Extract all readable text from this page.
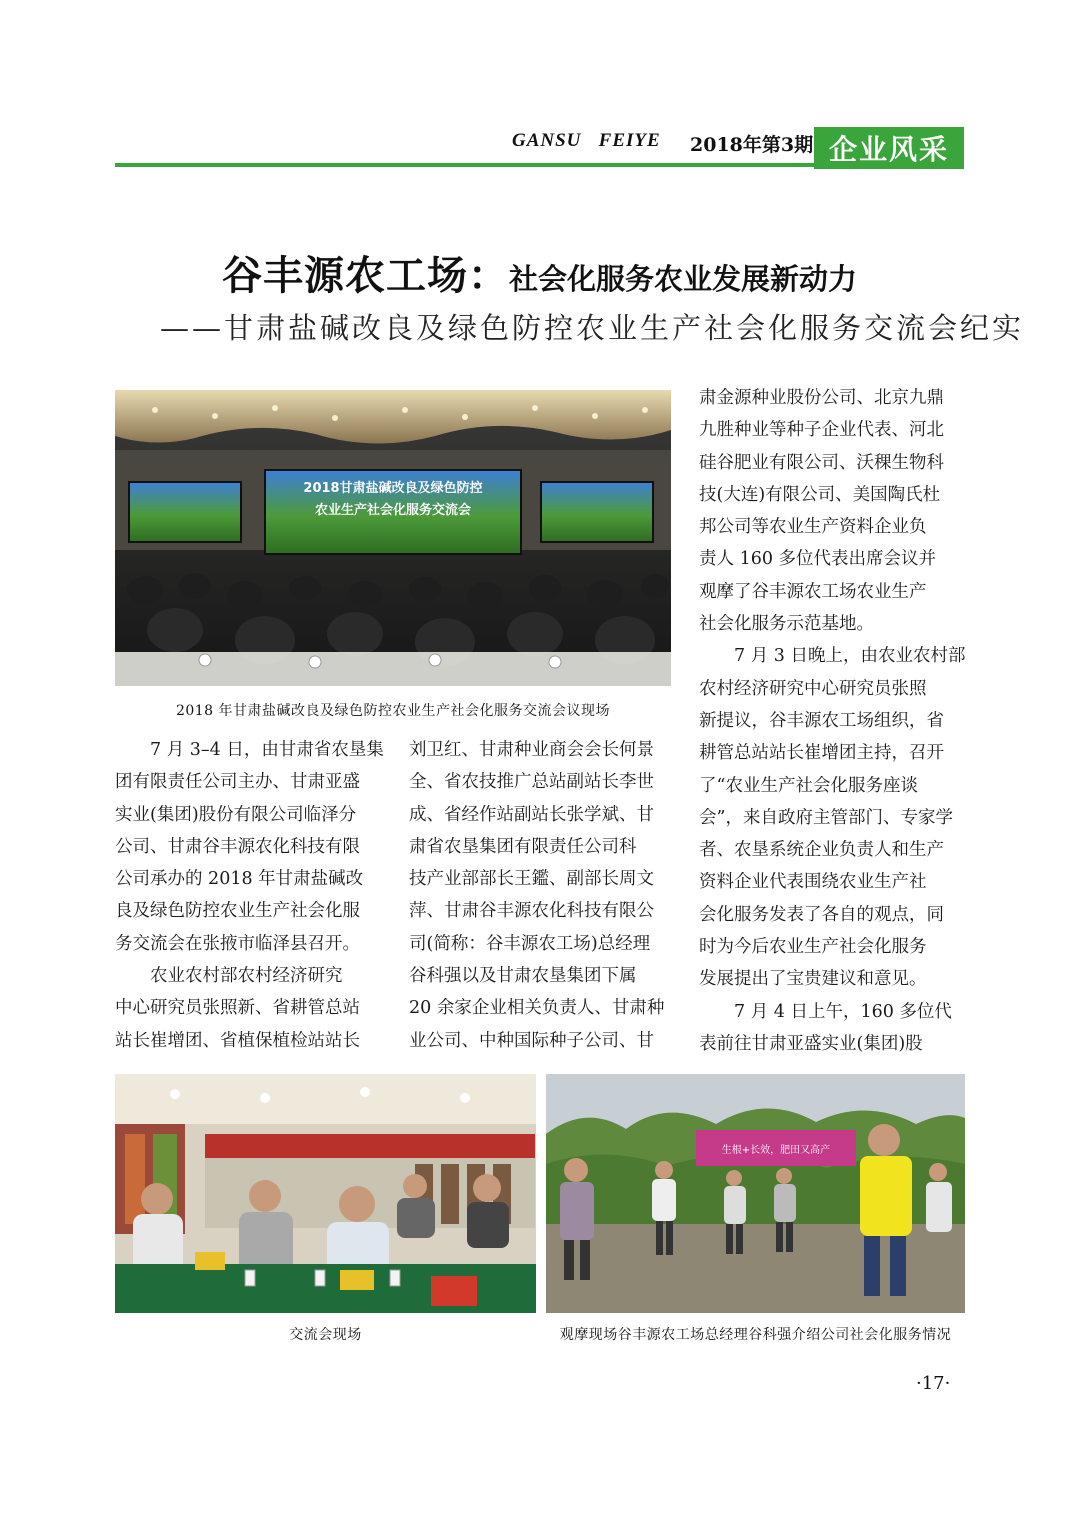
GANSU   FEIYE 2018年第3期 企业风采
谷丰源农工场：社会化服务农业发展新动力
——甘肃盐碱改良及绿色防控农业生产社会化服务交流会纪实
2018甘肃盐碱改良及绿色防控
农业生产社会化服务交流会
2018 年甘肃盐碱改良及绿色防控农业生产社会化服务交流会议现场

　　7 月 3–4 日，由甘肃省农垦集

团有限责任公司主办、甘肃亚盛

实业(集团)股份有限公司临泽分

公司、甘肃谷丰源农化科技有限

公司承办的 2018 年甘肃盐碱改

良及绿色防控农业生产社会化服

务交流会在张掖市临泽县召开。

　　农业农村部农村经济研究

中心研究员张照新、省耕管总站

站长崔增团、省植保植检站站长

刘卫红、甘肃种业商会会长何景

全、省农技推广总站副站长李世

成、省经作站副站长张学斌、甘

肃省农垦集团有限责任公司科

技产业部部长王鑑、副部长周文

萍、甘肃谷丰源农化科技有限公

司(简称：谷丰源农工场)总经理

谷科强以及甘肃农垦集团下属

20 余家企业相关负责人、甘肃种

业公司、中种国际种子公司、甘

肃金源种业股份公司、北京九鼎

九胜种业等种子企业代表、河北

硅谷肥业有限公司、沃稞生物科

技(大连)有限公司、美国陶氏杜

邦公司等农业生产资料企业负

责人 160 多位代表出席会议并

观摩了谷丰源农工场农业生产

社会化服务示范基地。

　　7 月 3 日晚上，由农业农村部

农村经济研究中心研究员张照

新提议，谷丰源农工场组织，省

耕管总站站长崔增团主持，召开

了“农业生产社会化服务座谈

会”，来自政府主管部门、专家学

者、农垦系统企业负责人和生产

资料企业代表围绕农业生产社

会化服务发表了各自的观点，同

时为今后农业生产社会化服务

发展提出了宝贵建议和意见。

　　7 月 4 日上午，160 多位代

表前往甘肃亚盛实业(集团)股

交流会现场
生根+长效，肥田又高产
观摩现场谷丰源农工场总经理谷科强介绍公司社会化服务情况
·17·
